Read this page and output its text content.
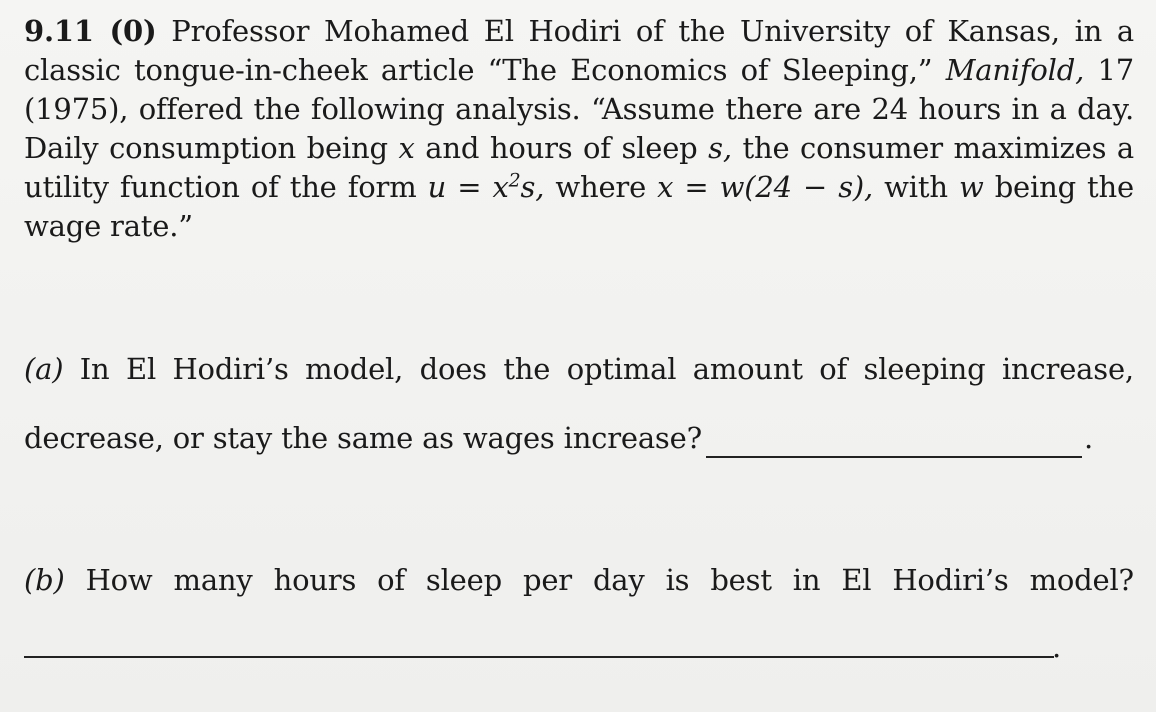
9.11 (0) Professor Mohamed El Hodiri of the University of Kansas, in a classic tongue-in-cheek article “The Economics of Sleeping,” Manifold, 17 (1975), offered the following analysis. “Assume there are 24 hours in a day. Daily consumption being x and hours of sleep s, the consumer maximizes a utility function of the form $u = x^2s$, where x = w(24 − s), with w being the wage rate.”
(a) In El Hodiri’s model, does the optimal amount of sleeping increase,
decrease, or stay the same as wages increase?	.
(b) How many hours of sleep per day is best in El Hodiri’s model?
.
